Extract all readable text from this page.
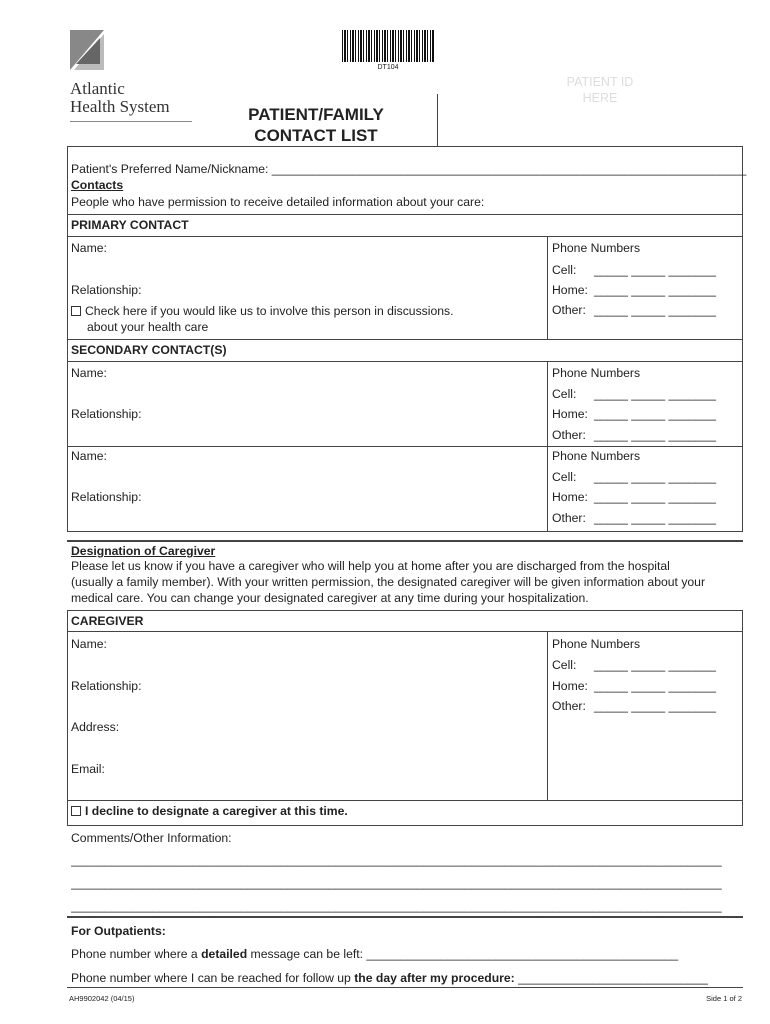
Atlantic
Health System
DT104
PATIENT/FAMILY
CONTACT LIST
PATIENT ID
HERE
Patient's Preferred Name/Nickname: ______________________________________________________________________
Contacts
People who have permission to receive detailed information about your care:
PRIMARY CONTACT
Name:
Relationship:
Check here if you would like us to involve this person in discussions.
about your health care
Phone Numbers
Cell: _____ _____ _______
Home: _____ _____ _______
Other: _____ _____ _______
SECONDARY CONTACT(S)
Name:
Relationship:
Phone Numbers
Cell: _____ _____ _______
Home: _____ _____ _______
Other: _____ _____ _______
Name:
Relationship:
Phone Numbers
Cell: _____ _____ _______
Home: _____ _____ _______
Other: _____ _____ _______
Designation of Caregiver
Please let us know if you have a caregiver who will help you at home after you are discharged from the hospital
(usually a family member). With your written permission, the designated caregiver will be given information about your
medical care. You can change your designated caregiver at any time during your hospitalization.
CAREGIVER
Name:
Relationship:
Address:
Email:
Phone Numbers
Cell: _____ _____ _______
Home: _____ _____ _______
Other: _____ _____ _______
I decline to designate a caregiver at this time.
Comments/Other Information:
________________________________________________________________________________________________
________________________________________________________________________________________________
________________________________________________________________________________________________
For Outpatients:
Phone number where a detailed message can be left: ______________________________________________
Phone number where I can be reached for follow up the day after my procedure: ____________________________
AH9902042 (04/15)	Side 1 of 2
